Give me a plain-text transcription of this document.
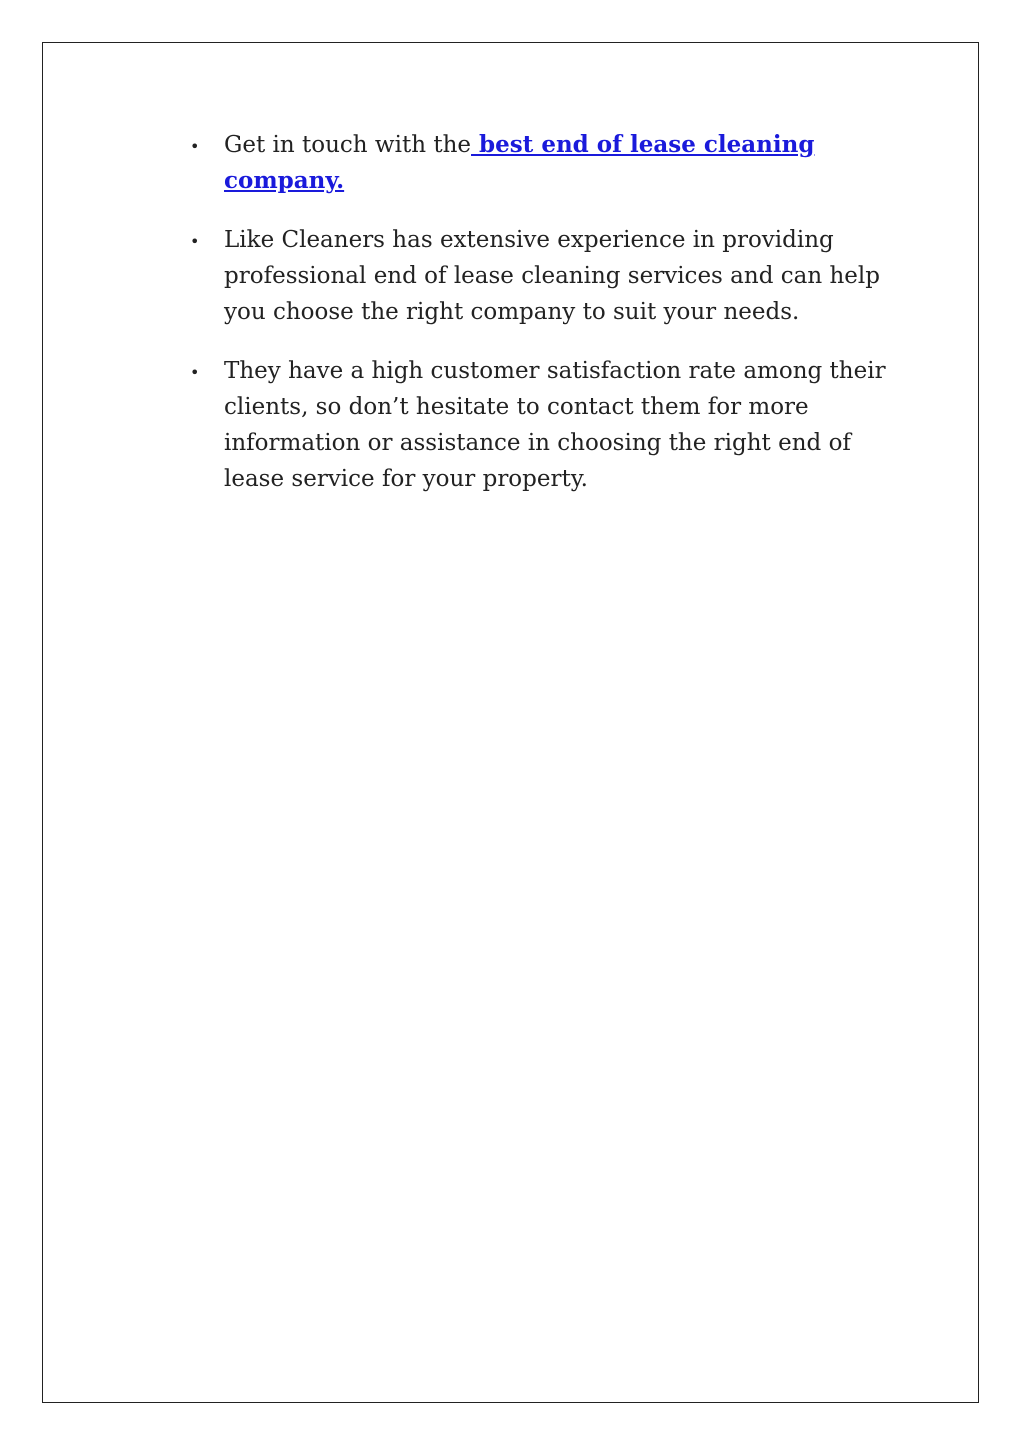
•	Get in touch with the best end of lease cleaning company.
•	Like Cleaners has extensive experience in providing professional end of lease cleaning services and can help you choose the right company to suit your needs.
•	They have a high customer satisfaction rate among their clients, so don’t hesitate to contact them for more information or assistance in choosing the right end of lease service for your property.
